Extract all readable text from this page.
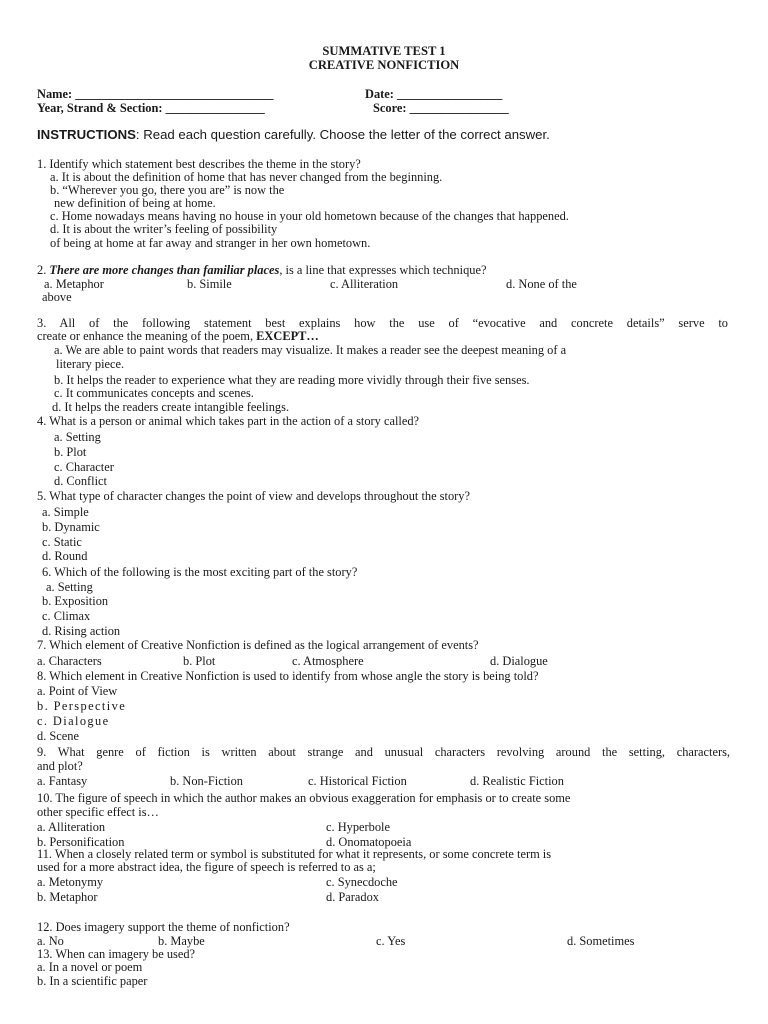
SUMMATIVE TEST 1
CREATIVE NONFICTION
Name: ________________________________	Date: _________________
Year, Strand & Section: ________________	Score: ________________
INSTRUCTIONS: Read each question carefully. Choose the letter of the correct answer.
1. Identify which statement best describes the theme in the story?
a. It is about the definition of home that has never changed from the beginning.
b. “Wherever you go, there you are” is now the
new definition of being at home.
c. Home nowadays means having no house in your old hometown because of the changes that happened.
d. It is about the writer’s feeling of possibility
of being at home at far away and stranger in her own hometown.
2. There are more changes than familiar places, is a line that expresses which technique?
a. Metaphor	b. Simile	c. Alliteration	d. None of the
above
3. All of the following statement best explains how the use of “evocative and concrete details” serve to
create or enhance the meaning of the poem, EXCEPT…
a. We are able to paint words that readers may visualize. It makes a reader see the deepest meaning of a
literary piece.
b. It helps the reader to experience what they are reading more vividly through their five senses.
c. It communicates concepts and scenes.
d. It helps the readers create intangible feelings.
4. What is a person or animal which takes part in the action of a story called?
a. Setting
b. Plot
c. Character
d. Conflict
5. What type of character changes the point of view and develops throughout the story?
a. Simple
b. Dynamic
c. Static
d. Round
6. Which of the following is the most exciting part of the story?
a. Setting
b. Exposition
c. Climax
d. Rising action
7. Which element of Creative Nonfiction is defined as the logical arrangement of events?
a. Characters	b. Plot	c. Atmosphere	d. Dialogue
8. Which element in Creative Nonfiction is used to identify from whose angle the story is being told?
a. Point of View
b. Perspective
c. Dialogue
d. Scene
9. What genre of fiction is written about strange and unusual characters revolving around the setting, characters,
and plot?
a. Fantasy	b. Non-Fiction	c. Historical Fiction	d. Realistic Fiction
10. The figure of speech in which the author makes an obvious exaggeration for emphasis or to create some
other specific effect is…
a. Alliteration
b. Personification
c. Hyperbole
d. Onomatopoeia
11. When a closely related term or symbol is substituted for what it represents, or some concrete term is
used for a more abstract idea, the figure of speech is referred to as a;
a. Metonymy
b. Metaphor
c. Synecdoche
d. Paradox
12. Does imagery support the theme of nonfiction?
a. No	b. Maybe	c. Yes	d. Sometimes
13. When can imagery be used?
a. In a novel or poem
b. In a scientific paper
